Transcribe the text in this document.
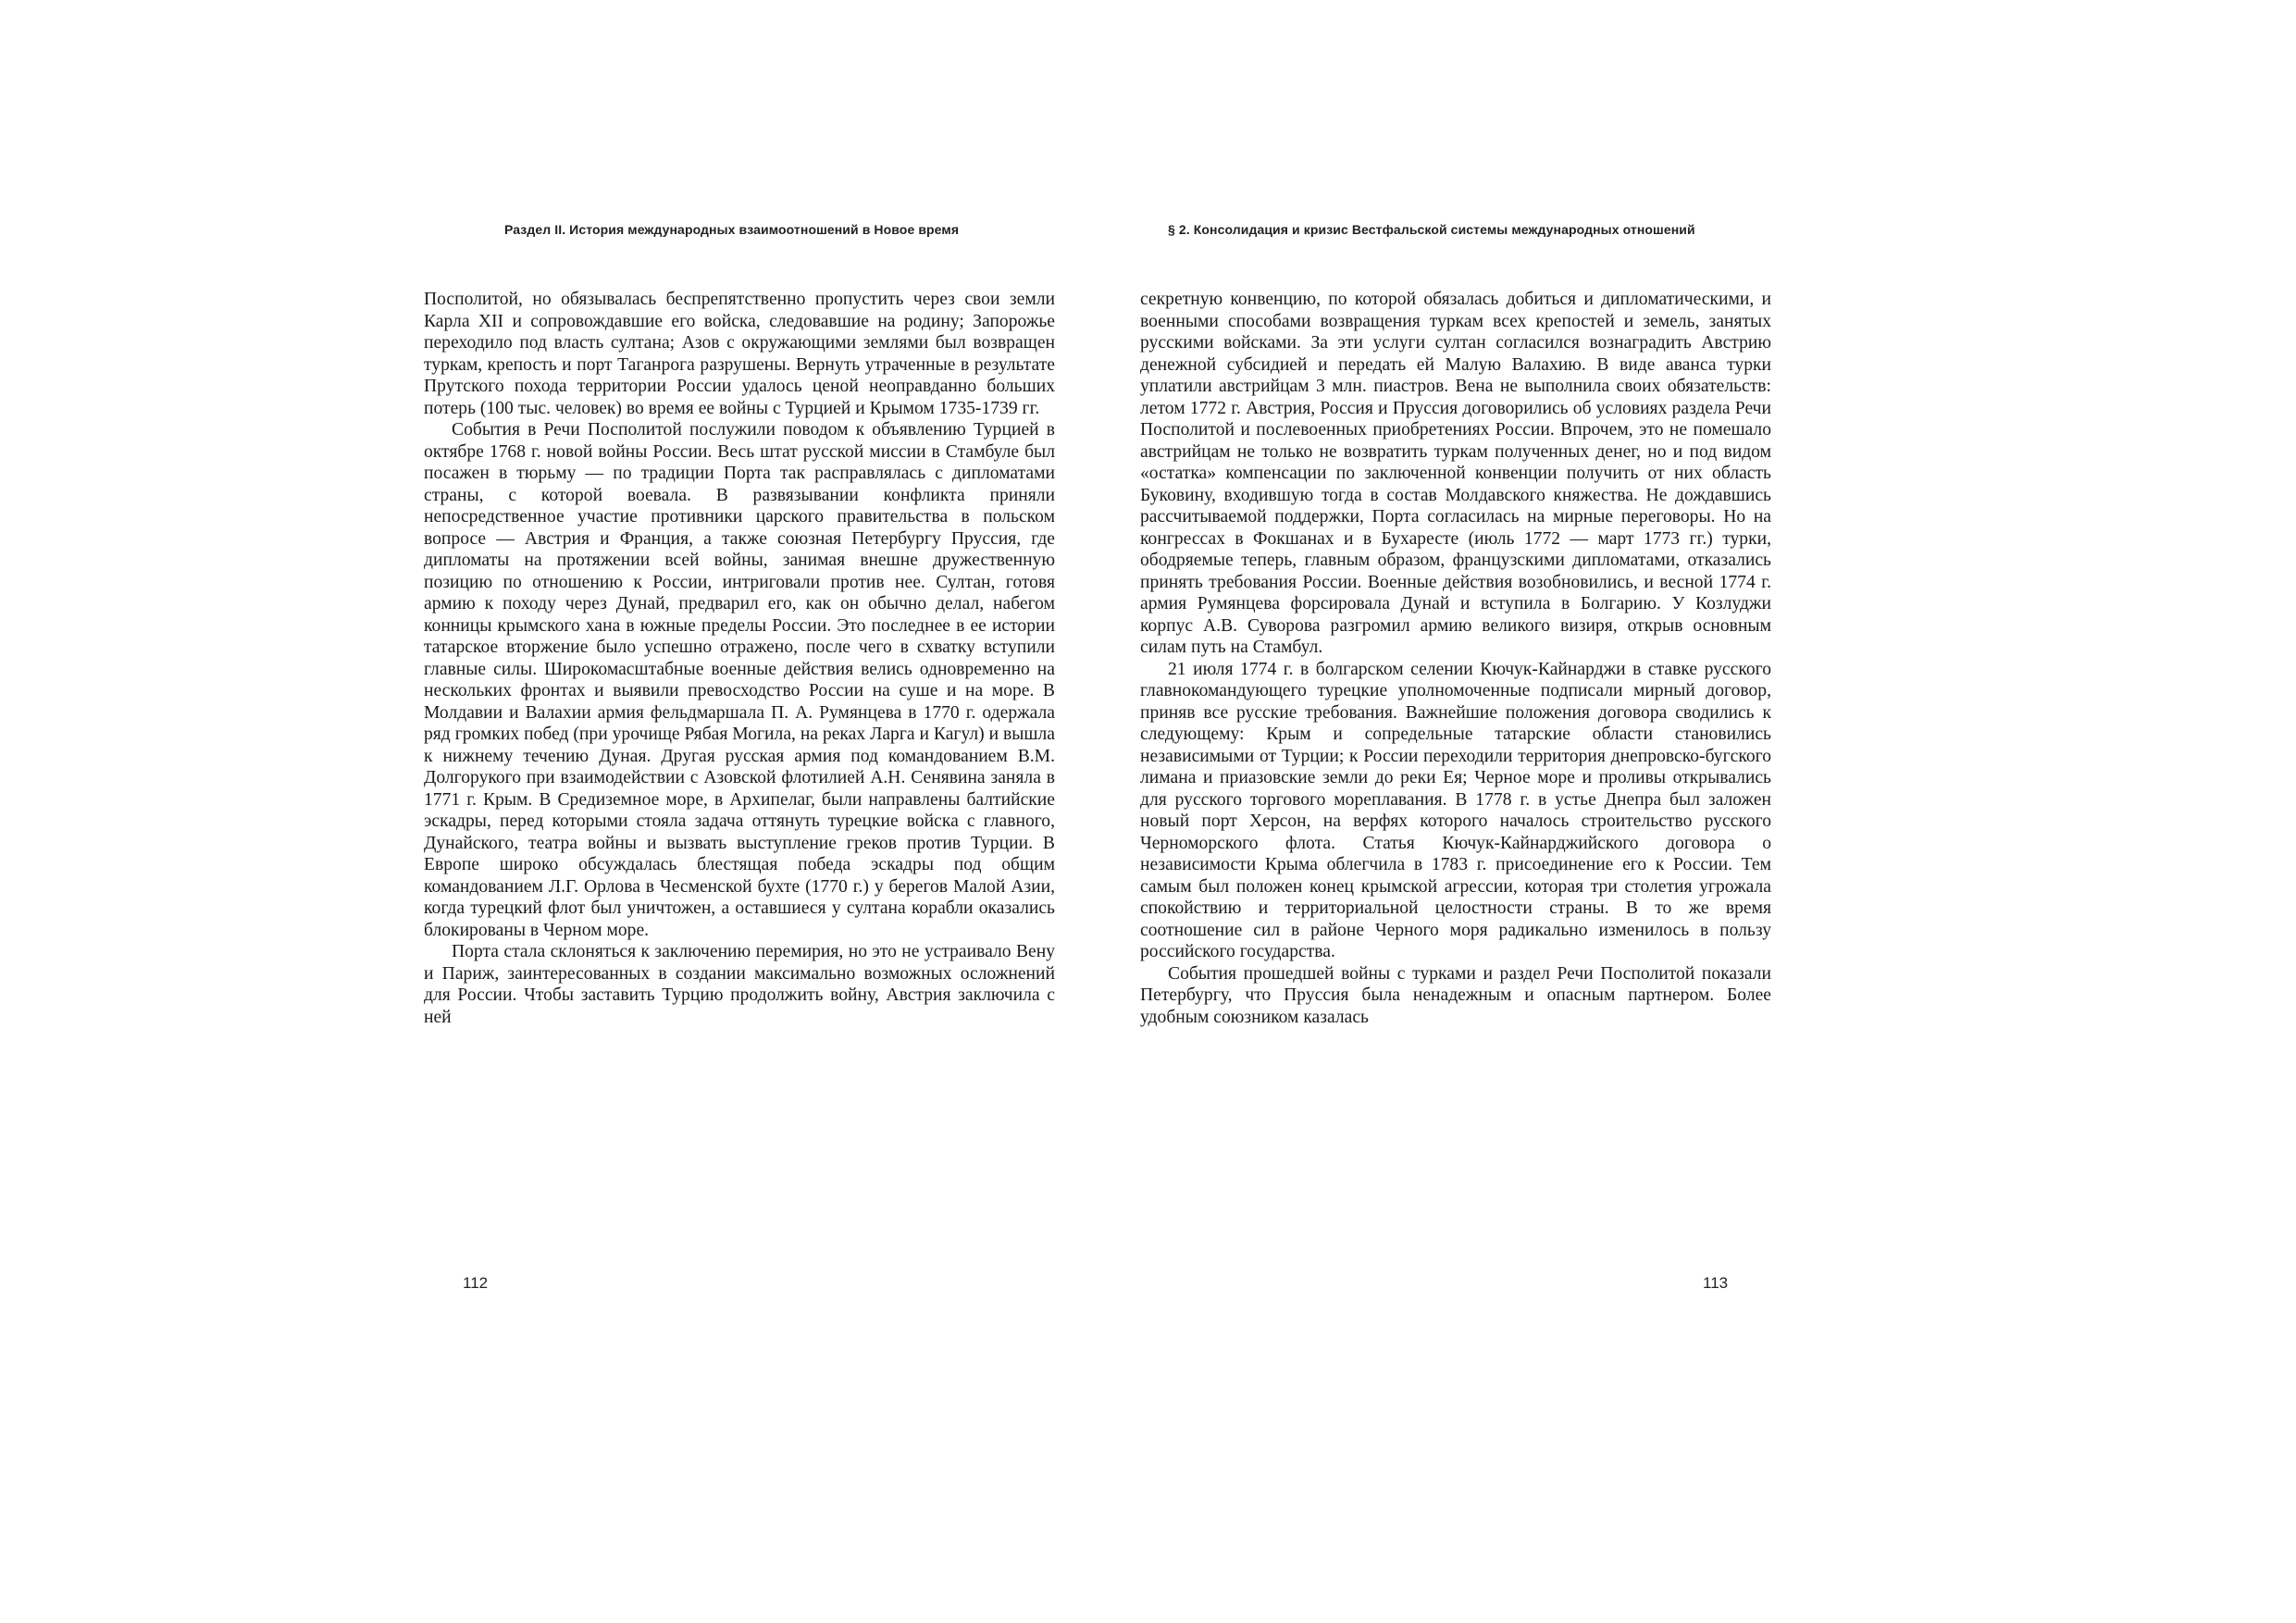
Раздел II. История международных взаимоотношений в Новое время

Посполитой, но обязывалась беспрепятственно пропустить через свои земли Карла XII и сопровождавшие его войска, следовавшие на родину; Запорожье переходило под власть султана; Азов с окружающими землями был возвращен туркам, крепость и порт Таганрога разрушены. Вернуть утраченные в результате Прутского похода территории России удалось ценой неоправданно больших потерь (100 тыс. человек) во время ее войны с Турцией и Крымом 1735-1739 гг.

События в Речи Посполитой послужили поводом к объявлению Турцией в октябре 1768 г. новой войны России. Весь штат русской миссии в Стамбуле был посажен в тюрьму — по традиции Порта так расправлялась с дипломатами страны, с которой воевала. В развязывании конфликта приняли непосредственное участие противники царского правительства в польском вопросе — Австрия и Франция, а также союзная Петербургу Пруссия, где дипломаты на протяжении всей войны, занимая внешне дружественную позицию по отношению к России, интриговали против нее. Султан, готовя армию к походу через Дунай, предварил его, как он обычно делал, набегом конницы крымского хана в южные пределы России. Это последнее в ее истории татарское вторжение было успешно отражено, после чего в схватку вступили главные силы. Широкомасштабные военные действия велись одновременно на нескольких фронтах и выявили превосходство России на суше и на море. В Молдавии и Валахии армия фельдмаршала П. А. Румянцева в 1770 г. одержала ряд громких побед (при урочище Рябая Могила, на реках Ларга и Кагул) и вышла к нижнему течению Дуная. Другая русская армия под командованием В.М. Долгорукого при взаимодействии с Азовской флотилией А.Н. Сенявина заняла в 1771 г. Крым. В Средиземное море, в Архипелаг, были направлены балтийские эскадры, перед которыми стояла задача оттянуть турецкие войска с главного, Дунайского, театра войны и вызвать выступление греков против Турции. В Европе широко обсуждалась блестящая победа эскадры под общим командованием Л.Г. Орлова в Чесменской бухте (1770 г.) у берегов Малой Азии, когда турецкий флот был уничтожен, а оставшиеся у султана корабли оказались блокированы в Черном море.

Порта стала склоняться к заключению перемирия, но это не устраивало Вену и Париж, заинтересованных в создании максимально возможных осложнений для России. Чтобы заставить Турцию продолжить войну, Австрия заключила с ней

112
§ 2. Консолидация и кризис Вестфальской системы международных отношений

секретную конвенцию, по которой обязалась добиться и дипломатическими, и военными способами возвращения туркам всех крепостей и земель, занятых русскими войсками. За эти услуги султан согласился вознаградить Австрию денежной субсидией и передать ей Малую Валахию. В виде аванса турки уплатили австрийцам 3 млн. пиастров. Вена не выполнила своих обязательств: летом 1772 г. Австрия, Россия и Пруссия договорились об условиях раздела Речи Посполитой и послевоенных приобретениях России. Впрочем, это не помешало австрийцам не только не возвратить туркам полученных денег, но и под видом «остатка» компенсации по заключенной конвенции получить от них область Буковину, входившую тогда в состав Молдавского княжества. Не дождавшись рассчитываемой поддержки, Порта согласилась на мирные переговоры. Но на конгрессах в Фокшанах и в Бухаресте (июль 1772 — март 1773 гг.) турки, ободряемые теперь, главным образом, французскими дипломатами, отказались принять требования России. Военные действия возобновились, и весной 1774 г. армия Румянцева форсировала Дунай и вступила в Болгарию. У Козлуджи корпус А.В. Суворова разгромил армию великого визиря, открыв основным силам путь на Стамбул.

21 июля 1774 г. в болгарском селении Кючук-Кайнарджи в ставке русского главнокомандующего турецкие уполномоченные подписали мирный договор, приняв все русские требования. Важнейшие положения договора сводились к следующему: Крым и сопредельные татарские области становились независимыми от Турции; к России переходили территория днепровско-бугского лимана и приазовские земли до реки Ея; Черное море и проливы открывались для русского торгового мореплавания. В 1778 г. в устье Днепра был заложен новый порт Херсон, на верфях которого началось строительство русского Черноморского флота. Статья Кючук-Кайнарджийского договора о независимости Крыма облегчила в 1783 г. присоединение его к России. Тем самым был положен конец крымской агрессии, которая три столетия угрожала спокойствию и территориальной целостности страны. В то же время соотношение сил в районе Черного моря радикально изменилось в пользу российского государства.

События прошедшей войны с турками и раздел Речи Посполитой показали Петербургу, что Пруссия была ненадежным и опасным партнером. Более удобным союзником казалась

113
